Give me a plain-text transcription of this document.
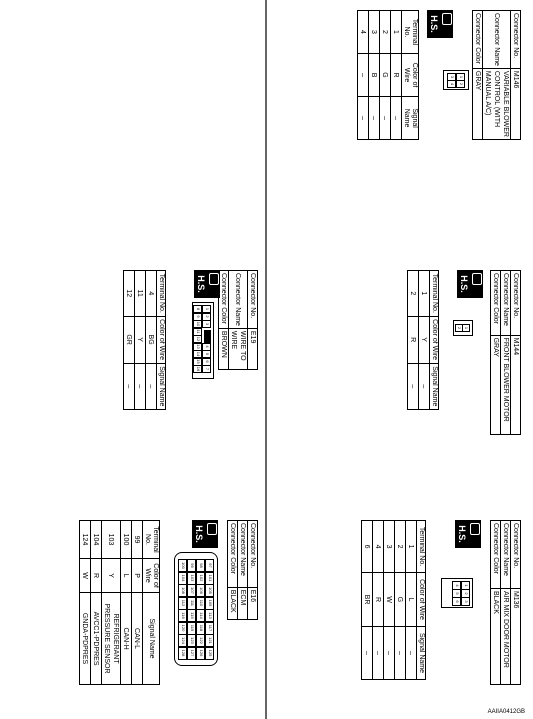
Connector No.	M146
Connector Name	VARIABLE BLOWER CONTROL (WITH MANUAL A/C)
Connector Color	GRAY
H.S.
1
2
3
4
Terminal No.	Color of Wire	Signal Name
1	R	–
2	G	–
3	B	–
4	–	–
Connector No.	M144
Connector Name	FRONT BLOWER MOTOR
Connector Color	GRAY
H.S.
1
2
Terminal No.	Color of Wire	Signal Name
1	Y	–
2	R	–
Connector No.	M136
Connector Name	AIR MIX DOOR MOTOR
Connector Color	BLACK
H.S.
1
2
3
4
5
6
Terminal No.	Color of Wire	Signal Name
1	L	–
2	G	–
3	W	–
4	R	–
6	BR	–
Connector No.	E19
Connector Name	WIRE TO WIRE
Connector Color	BROWN
H.S.
1
2
3
4
5
6
7
8
9
10
11
12
13
14
15
16
Terminal No.	Color of Wire	Signal Name
4	BG	–
11	Y	–
12	GR	–
Connector No.	E16
Connector Name	ECM
Connector Color	BLACK
H.S.
97
101
105
109
113
117
121
125
98
102
106
110
114
118
122
126
99
103
107
111
115
119
123
127
100
104
108
112
116
120
124
128
Terminal No.	Color of Wire	Signal Name
99	P	CAN-L
100	L	CAN-H
103	Y	REFRIGERANT PRESSURE SENSOR
104	R	AVCC1-PDPRES
124	W	GNDA-PDPRES
AAIIA0412GB
